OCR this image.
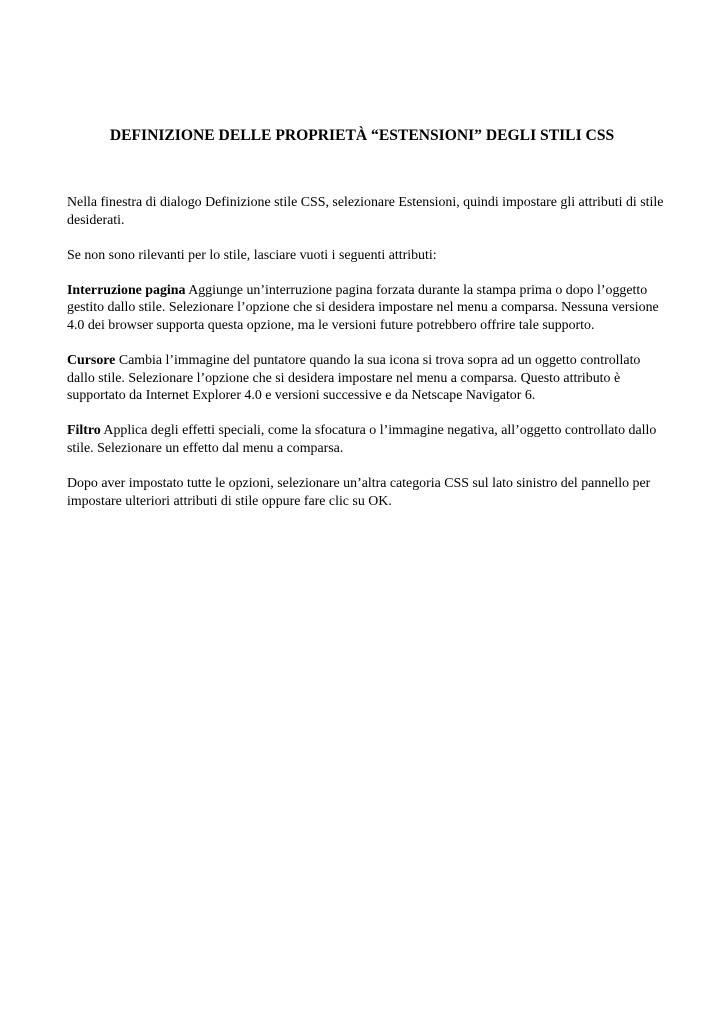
DEFINIZIONE DELLE PROPRIETÀ “ESTENSIONI” DEGLI STILI CSS

Nella finestra di dialogo Definizione stile CSS, selezionare Estensioni, quindi impostare gli attributi di stile desiderati.

Se non sono rilevanti per lo stile, lasciare vuoti i seguenti attributi:

Interruzione pagina Aggiunge un’interruzione pagina forzata durante la stampa prima o dopo l’oggetto gestito dallo stile. Selezionare l’opzione che si desidera impostare nel menu a comparsa. Nessuna versione 4.0 dei browser supporta questa opzione, ma le versioni future potrebbero offrire tale supporto.

Cursore Cambia l’immagine del puntatore quando la sua icona si trova sopra ad un oggetto controllato dallo stile. Selezionare l’opzione che si desidera impostare nel menu a comparsa. Questo attributo è supportato da Internet Explorer 4.0 e versioni successive e da Netscape Navigator 6.

Filtro Applica degli effetti speciali, come la sfocatura o l’immagine negativa, all’oggetto controllato dallo stile. Selezionare un effetto dal menu a comparsa.

Dopo aver impostato tutte le opzioni, selezionare un’altra categoria CSS sul lato sinistro del pannello per impostare ulteriori attributi di stile oppure fare clic su OK.
